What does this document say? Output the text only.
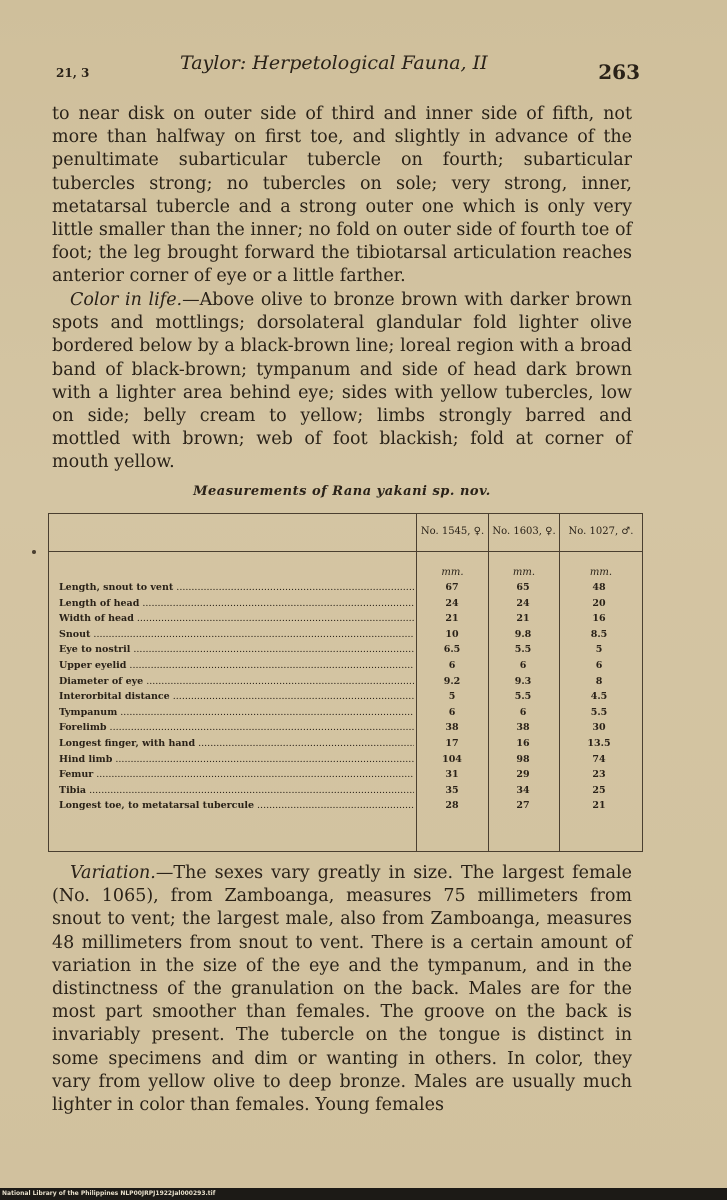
21, 3	Taylor: Herpetological Fauna, II	263
to near disk on outer side of third and inner side of fifth, not more than halfway on first toe, and slightly in advance of the penultimate subarticular tubercle on fourth; subarticular tubercles strong; no tubercles on sole; very strong, inner, metatarsal tubercle and a strong outer one which is only very little smaller than the inner; no fold on outer side of fourth toe of foot; the leg brought forward the tibiotarsal articulation reaches anterior corner of eye or a little farther.
Color in life.—Above olive to bronze brown with darker brown spots and mottlings; dorsolateral glandular fold lighter olive bordered below by a black-brown line; loreal region with a broad band of black-brown; tympanum and side of head dark brown with a lighter area behind eye; sides with yellow tubercles, low on side; belly cream to yellow; limbs strongly barred and mottled with brown; web of foot blackish; fold at corner of mouth yellow.
Measurements of Rana yakani sp. nov.
No. 1545, ♀. No. 1603, ♀.	No. 1027, ♂.
mm.	mm.	mm.
Length, snout to vent .....	67	65	48
Length of head .....	24	24	20
Width of head .....	21	21	16
Snout .....	10	9.8	8.5
Eye to nostril .....	6.5	5.5	5
Upper eyelid .....	6	6	6
Diameter of eye .....	9.2	9.3	8
Interorbital distance .....	5	5.5	4.5
Tympanum .....	6	6	5.5
Forelimb .....	38	38	30
Longest finger, with hand .....	17	16	13.5
Hind limb .....	104	98	74
Femur .....	31	29	23
Tibia .....	35	34	25
Longest toe, to metatarsal tubercule .....	28	27	21
Variation.—The sexes vary greatly in size. The largest female (No. 1065), from Zamboanga, measures 75 millimeters from snout to vent; the largest male, also from Zamboanga, measures 48 millimeters from snout to vent. There is a certain amount of variation in the size of the eye and the tympanum, and in the distinctness of the granulation on the back. Males are for the most part smoother than females. The groove on the back is invariably present. The tubercle on the tongue is distinct in some specimens and dim or wanting in others. In color, they vary from yellow olive to deep bronze. Males are usually much lighter in color than females. Young females
National Library of the Philippines NLP00JRPJ1922Jal000293.tif
